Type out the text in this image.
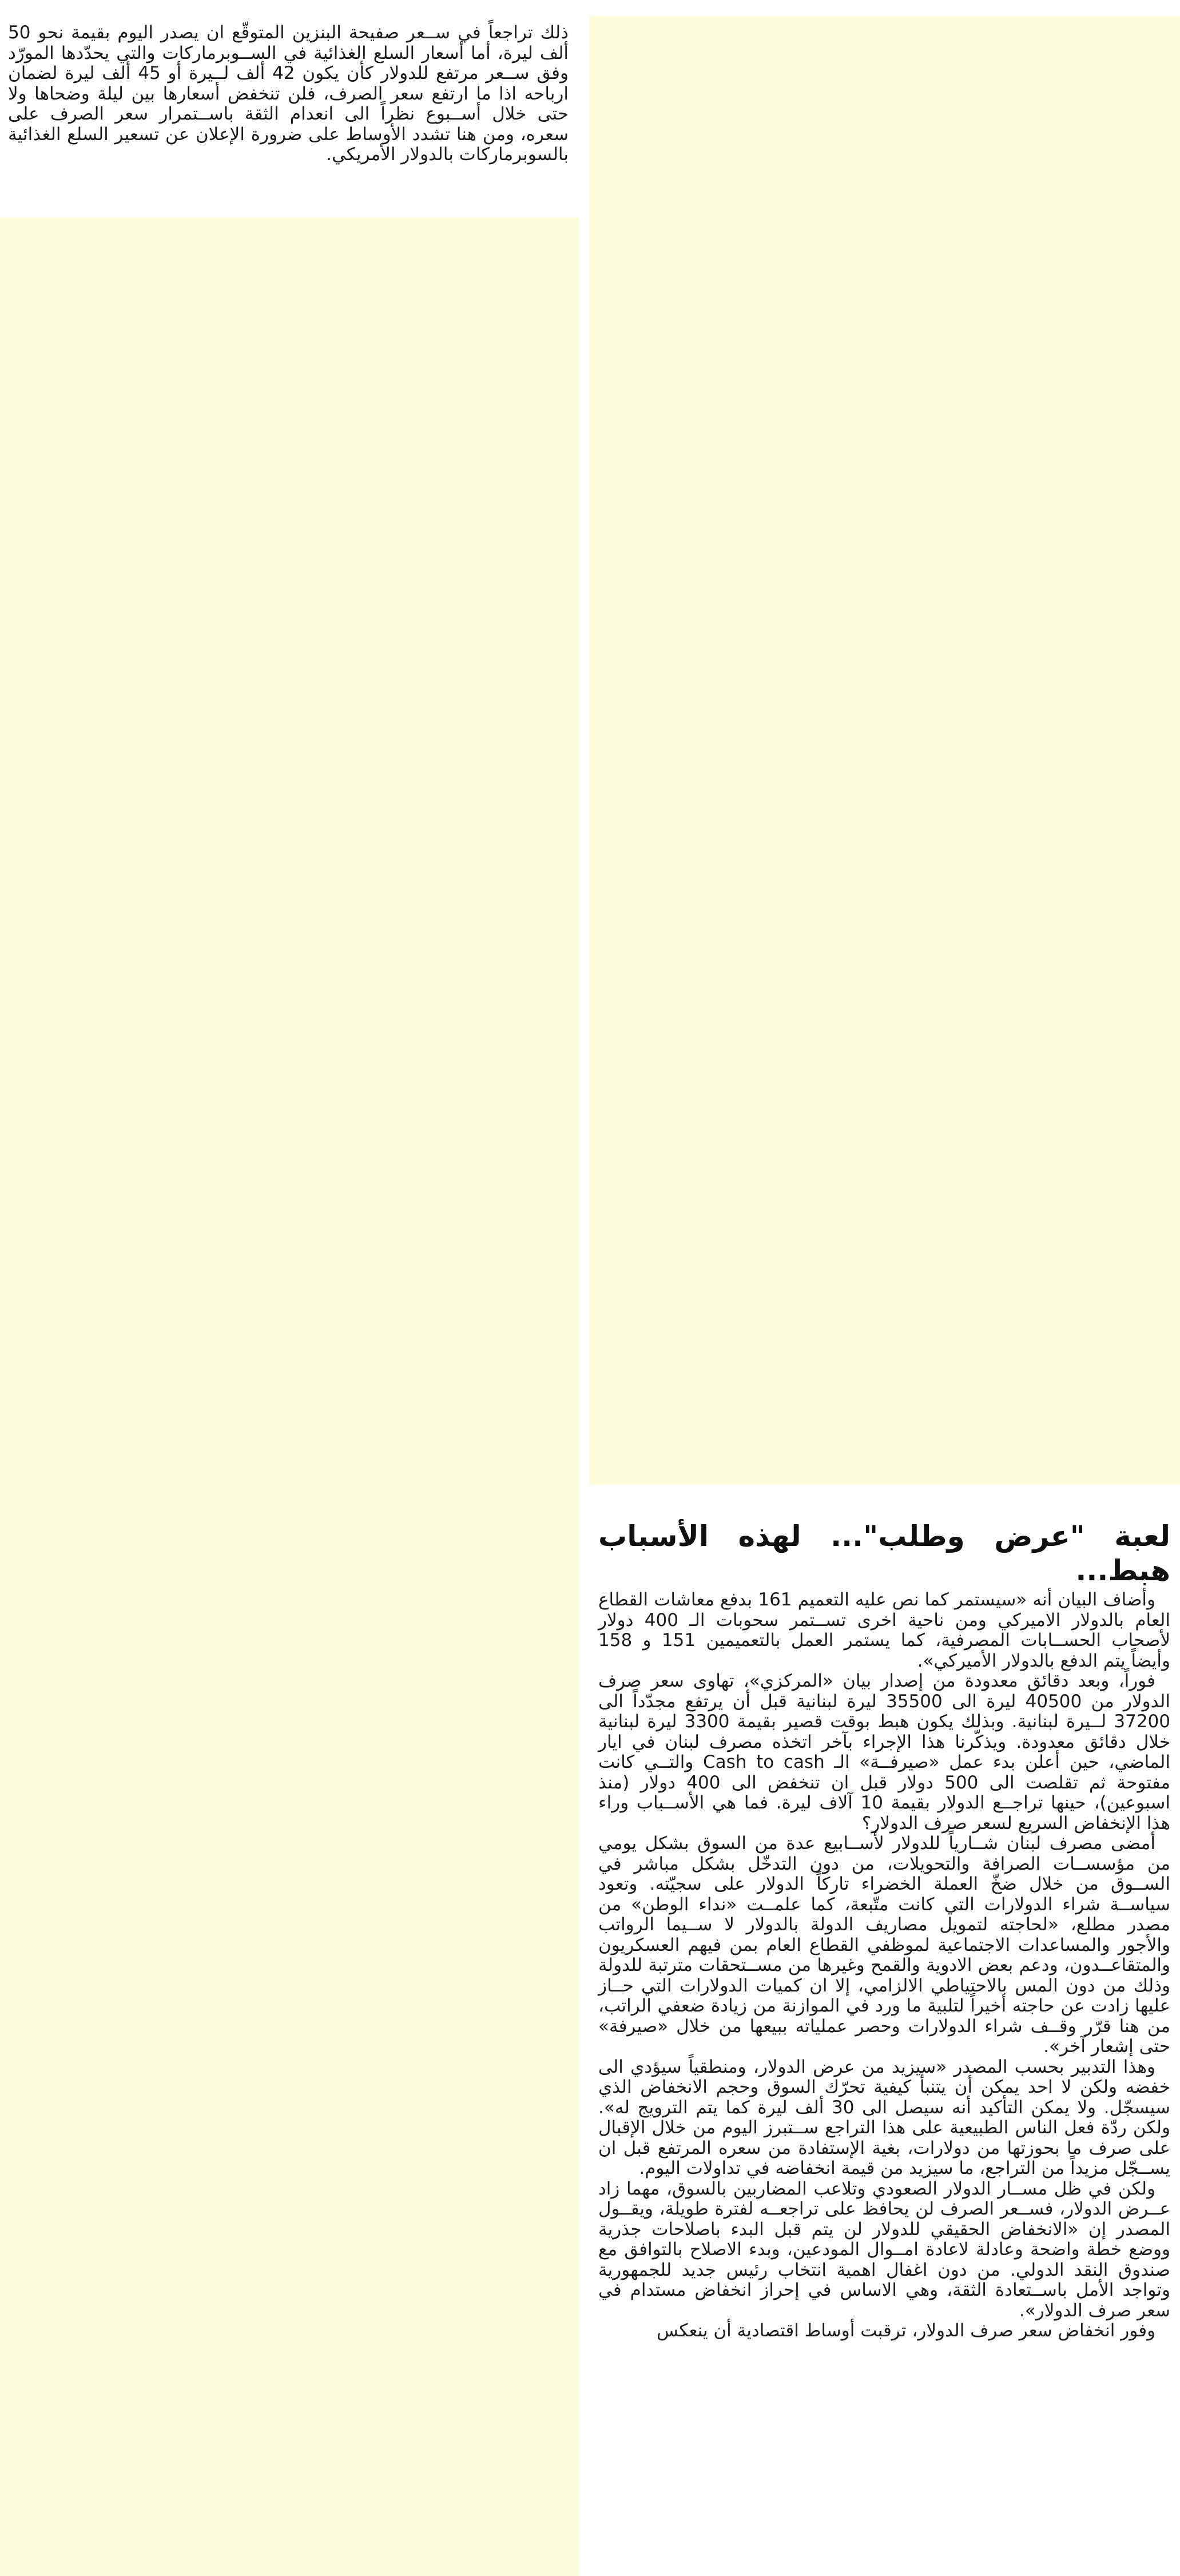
ذلك تراجعاً في ســعر صفيحة البنزين المتوقّع ان يصدر اليوم بقيمة نحو 50 ألف ليرة، أما أسعار السلع الغذائية في الســوبرماركات والتي يحدّدها المورّد وفق ســعر مرتفع للدولار كأن يكون 42 ألف لــيرة أو 45 ألف ليرة لضمان ارباحه اذا ما ارتفع سعر الصرف، فلن تنخفض أسعارها بين ليلة وضحاها ولا حتى خلال أســبوع نظراً الى انعدام الثقة باســتمرار سعر الصرف على سعره، ومن هنا تشدد الأوساط على ضرورة الإعلان عن تسعير السلع الغذائية بالسوبرماركات بالدولار الأمريكي.

لعبة "عرض وطلب"... لهذه الأسباب هبط...

وأضاف البيان أنه «سيستمر كما نص عليه التعميم 161 بدفع معاشات القطاع العام بالدولار الاميركي ومن ناحية اخرى تســتمر سحوبات الـ 400 دولار لأصحاب الحســابات المصرفية، كما يستمر العمل بالتعميمين 151 و 158 وأيضاً يتم الدفع بالدولار الأميركي».

فوراً، وبعد دقائق معدودة من إصدار بيان «المركزي»، تهاوى سعر صرف الدولار من 40500 ليرة الى 35500 ليرة لبنانية قبل أن يرتفع مجدّداً الى 37200 لــيرة لبنانية. وبذلك يكون هبط بوقت قصير بقيمة 3300 ليرة لبنانية خلال دقائق معدودة. ويذكّرنا هذا الإجراء بآخر اتخذه مصرف لبنان في ايار الماضي، حين أعلن بدء عمل «صيرفــة» الـ Cash to cash والتــي كانت مفتوحة ثم تقلصت الى 500 دولار قبل ان تنخفض الى 400 دولار (منذ اسبوعين)، حينها تراجــع الدولار بقيمة 10 آلاف ليرة. فما هي الأســباب وراء هذا الإنخفاض السريع لسعر صرف الدولار؟

أمضى مصرف لبنان شــارياً للدولار لأســابيع عدة من السوق بشكل يومي من مؤسســات الصرافة والتحويلات، من دون التدخّل بشكل مباشر في الســوق من خلال ضخّ العملة الخضراء تاركاً الدولار على سجيّته. وتعود سياســة شراء الدولارات التي كانت متّبعة، كما علمــت «نداء الوطن» من مصدر مطلع، «لحاجته لتمويل مصاريف الدولة بالدولار لا ســيما الرواتب والأجور والمساعدات الاجتماعية لموظفي القطاع العام بمن فيهم العسكريون والمتقاعــدون، ودعم بعض الادوية والقمح وغيرها من مســتحقات مترتبة للدولة وذلك من دون المس بالاحتياطي الالزامي، إلا ان كميات الدولارات التي حــاز عليها زادت عن حاجته أخيراً لتلبية ما ورد في الموازنة من زيادة ضعفي الراتب، من هنا قرّر وقــف شراء الدولارات وحصر عملياته ببيعها من خلال «صيرفة» حتى إشعار آخر».

وهذا التدبير بحسب المصدر «سيزيد من عرض الدولار، ومنطقياً سيؤدي الى خفضه ولكن لا احد يمكن أن يتنبأ كيفية تحرّك السوق وحجم الانخفاض الذي سيسجّل. ولا يمكن التأكيد أنه سيصل الى 30 ألف ليرة كما يتم الترويج له». ولكن ردّة فعل الناس الطبيعية على هذا التراجع ســتبرز اليوم من خلال الإقبال على صرف ما بحوزتها من دولارات، بغية الإستفادة من سعره المرتفع قبل ان يســجّل مزيداً من التراجع، ما سيزيد من قيمة انخفاضه في تداولات اليوم.

ولكن في ظل مســار الدولار الصعودي وتلاعب المضاربين بالسوق، مهما زاد عــرض الدولار، فســعر الصرف لن يحافظ على تراجعــه لفترة طويلة، ويقــول المصدر إن «الانخفاض الحقيقي للدولار لن يتم قبل البدء باصلاحات جذرية ووضع خطة واضحة وعادلة لاعادة امــوال المودعين، وبدء الاصلاح بالتوافق مع صندوق النقد الدولي. من دون اغفال اهمية انتخاب رئيس جديد للجمهورية وتواجد الأمل باســتعادة الثقة، وهي الاساس في إحراز انخفاض مستدام في سعر صرف الدولار».

وفور انخفاض سعر صرف الدولار، ترقبت أوساط اقتصادية أن ينعكس
